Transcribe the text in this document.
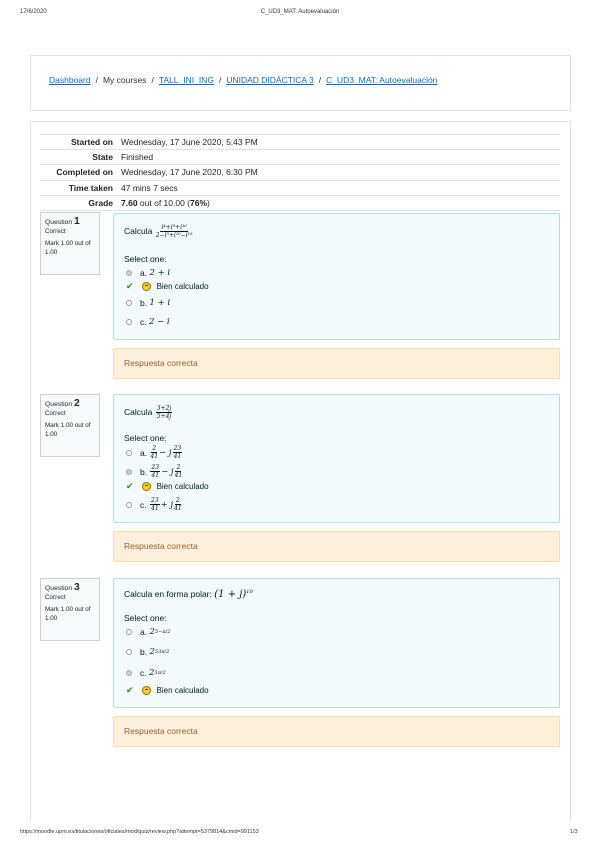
17/6/2020	C_UD3_MAT: Autoevaluación
Dashboard / My courses / TALL_INI_ING / UNIDAD DIDÁCTICA 3 / C_UD3_MAT: Autoevaluación
Started on Wednesday, 17 June 2020, 5:43 PM
State Finished
Completed on Wednesday, 17 June 2020, 6:30 PM
Time taken 47 mins 7 secs
Grade 7.60 out of 10.00 (76%)
Question 1
Correct
Mark 1.00 out of 1.00
Calcula $\frac{\text{i⁴+i⁹+i¹⁶}}{\text{2−i⁵+i¹⁰−i¹⁵}}$
Select one:
a.
2 + i
✔	Bien calculado
b.
1 + i
c.
2 − i
Respuesta correcta
Question 2
Correct
Mark 1.00 out of 1.00
Calcula $\frac{3+2j}{5+4j}$
Select one:
a.
$\frac{2}{41} - j \frac{23}{41}$
b.
$\frac{23}{41} - j \frac{2}{41}$
✔	Bien calculado
c.
$\frac{23}{41} + j \frac{2}{41}$
Respuesta correcta
Question 3
Correct
Mark 1.00 out of 1.00
Calcula en forma polar: $(1 + j)^{10}$
Select one:
a.
2 5 −π/2
b.
2 5 3π/2
c.
2 5 π/2
✔	Bien calculado
Respuesta correcta
https://moodle.upm.es/titulaciones/oficiales/mod/quiz/review.php?attempt=5379814&cmid=991153	1/3
